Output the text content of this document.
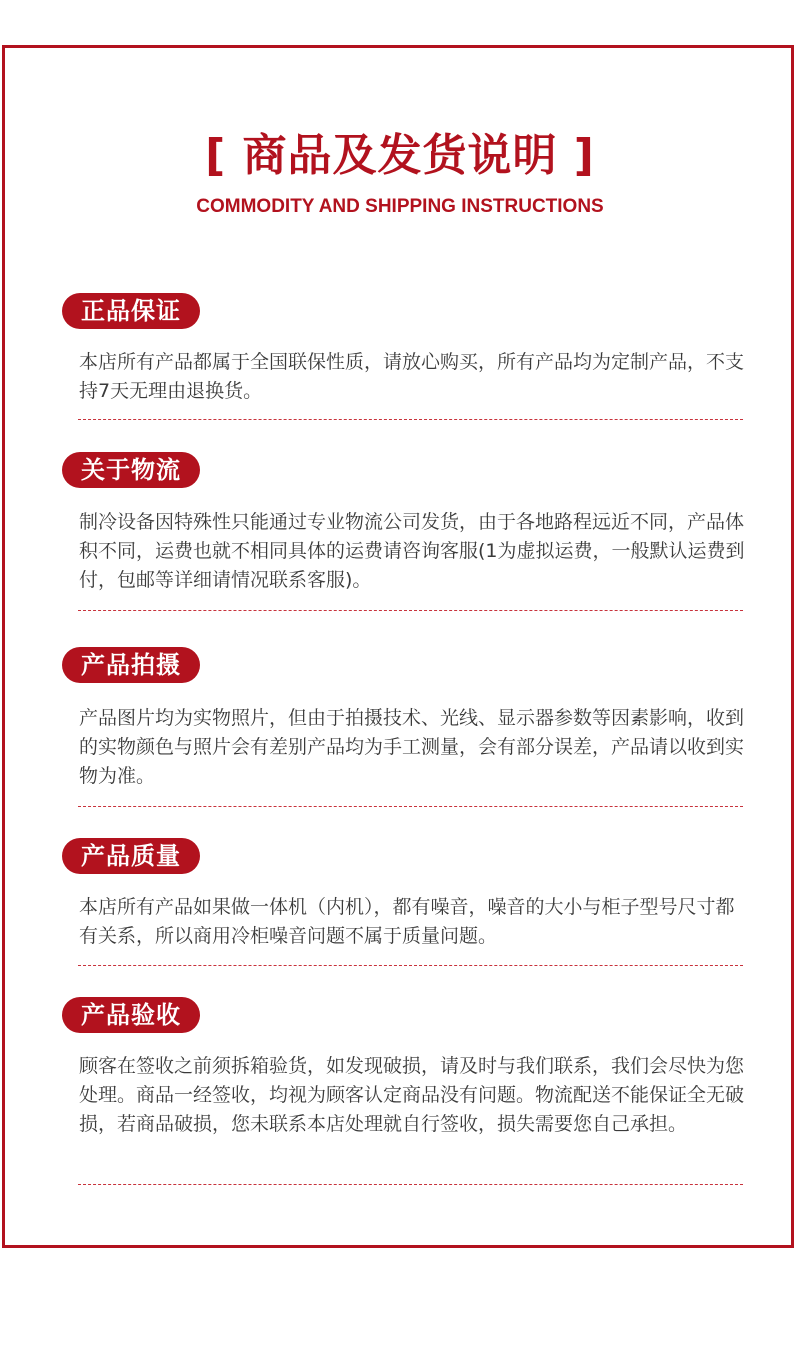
[ 商品及发货说明 ]
COMMODITY AND SHIPPING INSTRUCTIONS
正品保证
本店所有产品都属于全国联保性质，请放心购买，所有产品均为定制产品，不支持7天无理由退换货。
关于物流
制冷设备因特殊性只能通过专业物流公司发货，由于各地路程远近不同，产品体积不同，运费也就不相同具体的运费请咨询客服(1为虚拟运费，一般默认运费到付，包邮等详细请情况联系客服)。
产品拍摄
产品图片均为实物照片，但由于拍摄技术、光线、显示器参数等因素影响，收到的实物颜色与照片会有差别产品均为手工测量，会有部分误差，产品请以收到实物为准。
产品质量
本店所有产品如果做一体机（内机），都有噪音，噪音的大小与柜子型号尺寸都有关系，所以商用冷柜噪音问题不属于质量问题。
产品验收
顾客在签收之前须拆箱验货，如发现破损，请及时与我们联系，我们会尽快为您处理。商品一经签收，均视为顾客认定商品没有问题。物流配送不能保证全无破损，若商品破损，您未联系本店处理就自行签收，损失需要您自己承担。
